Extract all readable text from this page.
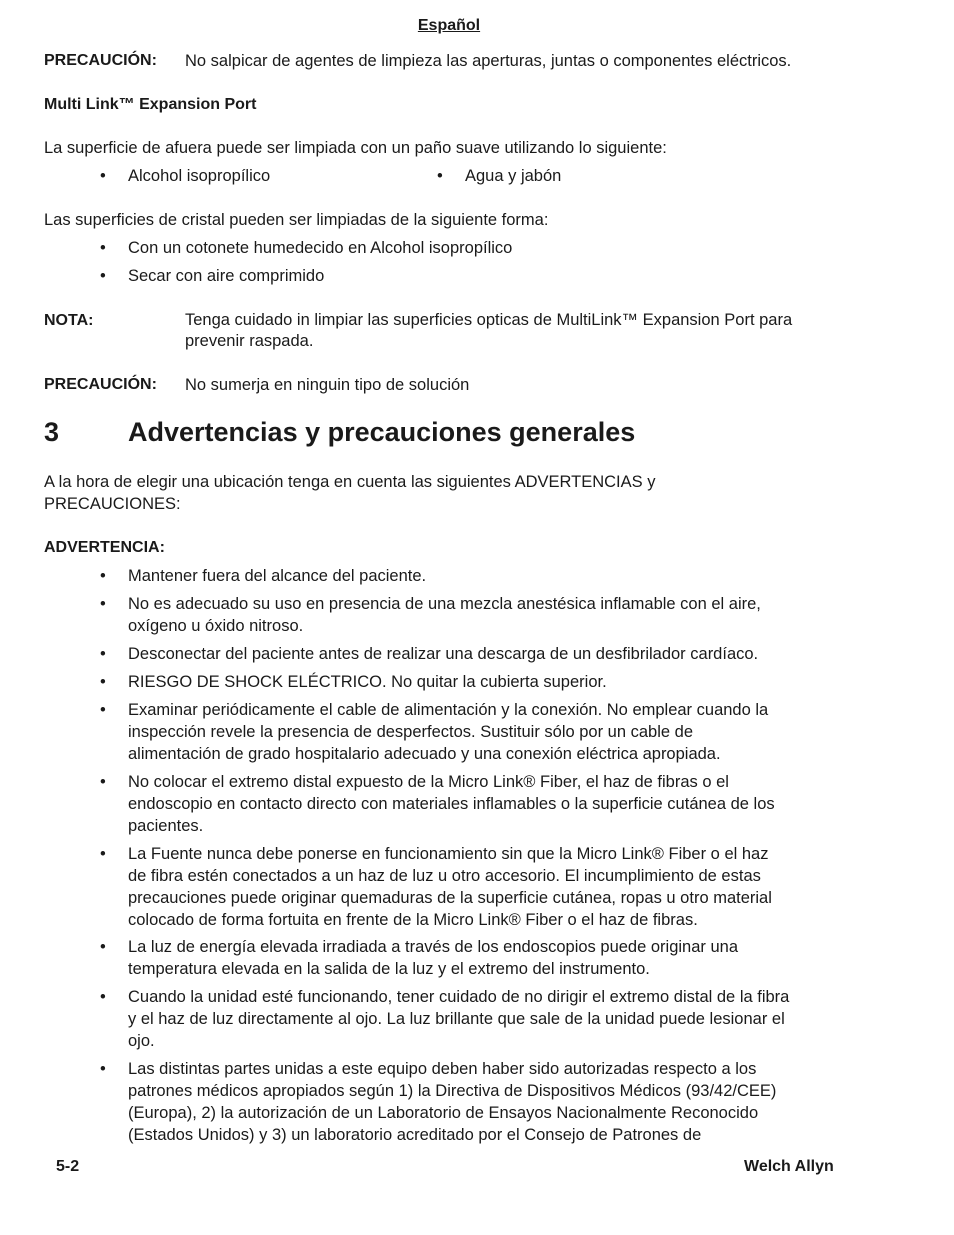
Español
PRECAUCIÓN: No salpicar de agentes de limpieza las aperturas, juntas o componentes eléctricos.
Multi Link™ Expansion Port
La superficie de afuera puede ser limpiada con un paño suave utilizando lo siguiente:
• Alcohol isopropílico	• Agua y jabón
Las superficies de cristal pueden ser limpiadas de la siguiente forma:
• Con un cotonete humedecido en Alcohol isopropílico
• Secar con aire comprimido
NOTA:	Tenga cuidado in limpiar las superficies opticas de MultiLink™ Expansion Port para
prevenir raspada.
PRECAUCIÓN: No sumerja en ninguin tipo de solución
3	Advertencias y precauciones generales
A la hora de elegir una ubicación tenga en cuenta las siguientes ADVERTENCIAS y
PRECAUCIONES:
ADVERTENCIA:
• Mantener fuera del alcance del paciente.
• No es adecuado su uso en presencia de una mezcla anestésica inflamable con el aire,
oxígeno u óxido nitroso.
• Desconectar del paciente antes de realizar una descarga de un desfibrilador cardíaco.
• RIESGO DE SHOCK ELÉCTRICO. No quitar la cubierta superior.
• Examinar periódicamente el cable de alimentación y la conexión. No emplear cuando la
inspección revele la presencia de desperfectos. Sustituir sólo por un cable de
alimentación de grado hospitalario adecuado y una conexión eléctrica apropiada.
• No colocar el extremo distal expuesto de la Micro Link® Fiber, el haz de fibras o el
endoscopio en contacto directo con materiales inflamables o la superficie cutánea de los
pacientes.
• La Fuente nunca debe ponerse en funcionamiento sin que la Micro Link® Fiber o el haz
de fibra estén conectados a un haz de luz u otro accesorio. El incumplimiento de estas
precauciones puede originar quemaduras de la superficie cutánea, ropas u otro material
colocado de forma fortuita en frente de la Micro Link® Fiber o el haz de fibras.
• La luz de energía elevada irradiada a través de los endoscopios puede originar una
temperatura elevada en la salida de la luz y el extremo del instrumento.
• Cuando la unidad esté funcionando, tener cuidado de no dirigir el extremo distal de la fibra
y el haz de luz directamente al ojo. La luz brillante que sale de la unidad puede lesionar el
ojo.
• Las distintas partes unidas a este equipo deben haber sido autorizadas respecto a los
patrones médicos apropiados según 1) la Directiva de Dispositivos Médicos (93/42/CEE)
(Europa), 2) la autorización de un Laboratorio de Ensayos Nacionalmente Reconocido
(Estados Unidos) y 3) un laboratorio acreditado por el Consejo de Patrones de
5-2	Welch Allyn
